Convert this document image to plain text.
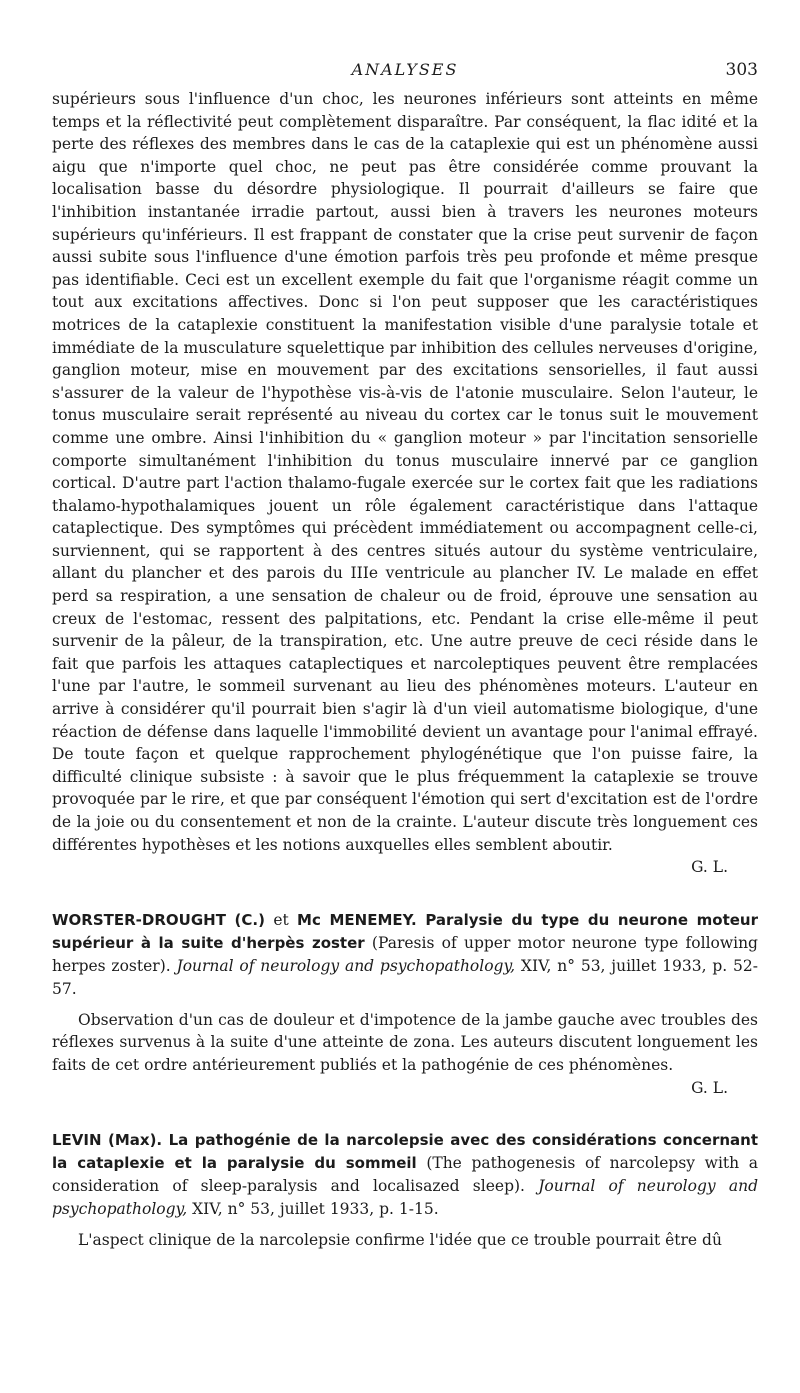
ANALYSES	303

supérieurs sous l'influence d'un choc, les neurones inférieurs sont atteints en même temps et la réflectivité peut complètement disparaître. Par conséquent, la flac idité et la perte des réflexes des membres dans le cas de la cataplexie qui est un phénomène aussi aigu que n'importe quel choc, ne peut pas être considérée comme prouvant la localisation basse du désordre physiologique. Il pourrait d'ailleurs se faire que l'inhibition instantanée irradie partout, aussi bien à travers les neurones moteurs supérieurs qu'inférieurs. Il est frappant de constater que la crise peut survenir de façon aussi subite sous l'influence d'une émotion parfois très peu profonde et même presque pas identifiable. Ceci est un excellent exemple du fait que l'organisme réagit comme un tout aux excitations affectives. Donc si l'on peut supposer que les caractéristiques motrices de la cataplexie constituent la manifestation visible d'une paralysie totale et immédiate de la musculature squelettique par inhibition des cellules nerveuses d'origine, ganglion moteur, mise en mouvement par des excitations sensorielles, il faut aussi s'assurer de la valeur de l'hypothèse vis-à-vis de l'atonie musculaire. Selon l'auteur, le tonus musculaire serait représenté au niveau du cortex car le tonus suit le mouvement comme une ombre. Ainsi l'inhibition du « ganglion moteur » par l'incitation sensorielle comporte simultanément l'inhibition du tonus musculaire innervé par ce ganglion cortical. D'autre part l'action thalamo-fugale exercée sur le cortex fait que les radiations thalamo-hypothalamiques jouent un rôle également caractéristique dans l'attaque cataplectique. Des symptômes qui précèdent immédiatement ou accompagnent celle-ci, surviennent, qui se rapportent à des centres situés autour du système ventriculaire, allant du plancher et des parois du IIIe ventricule au plancher IV. Le malade en effet perd sa respiration, a une sensation de chaleur ou de froid, éprouve une sensation au creux de l'estomac, ressent des palpitations, etc. Pendant la crise elle-même il peut survenir de la pâleur, de la transpiration, etc. Une autre preuve de ceci réside dans le fait que parfois les attaques cataplectiques et narcoleptiques peuvent être remplacées l'une par l'autre, le sommeil survenant au lieu des phénomènes moteurs. L'auteur en arrive à considérer qu'il pourrait bien s'agir là d'un vieil automatisme biologique, d'une réaction de défense dans laquelle l'immobilité devient un avantage pour l'animal effrayé. De toute façon et quelque rapprochement phylogénétique que l'on puisse faire, la difficulté clinique subsiste : à savoir que le plus fréquemment la cataplexie se trouve provoquée par le rire, et que par conséquent l'émotion qui sert d'excitation est de l'ordre de la joie ou du consentement et non de la crainte. L'auteur discute très longuement ces différentes hypothèses et les notions auxquelles elles semblent aboutir.

G. L.

WORSTER-DROUGHT (C.) et Mc MENEMEY. Paralysie du type du neurone moteur supérieur à la suite d'herpès zoster (Paresis of upper motor neurone type following herpes zoster). Journal of neurology and psychopathology, XIV, n° 53, juillet 1933, p. 52-57.

Observation d'un cas de douleur et d'impotence de la jambe gauche avec troubles des réflexes survenus à la suite d'une atteinte de zona. Les auteurs discutent longuement les faits de cet ordre antérieurement publiés et la pathogénie de ces phénomènes.

G. L.

LEVIN (Max). La pathogénie de la narcolepsie avec des considérations concernant la cataplexie et la paralysie du sommeil (The pathogenesis of narcolepsy with a consideration of sleep-paralysis and localisazed sleep). Journal of neurology and psychopathology, XIV, n° 53, juillet 1933, p. 1-15.

L'aspect clinique de la narcolepsie confirme l'idée que ce trouble pourrait être dû
